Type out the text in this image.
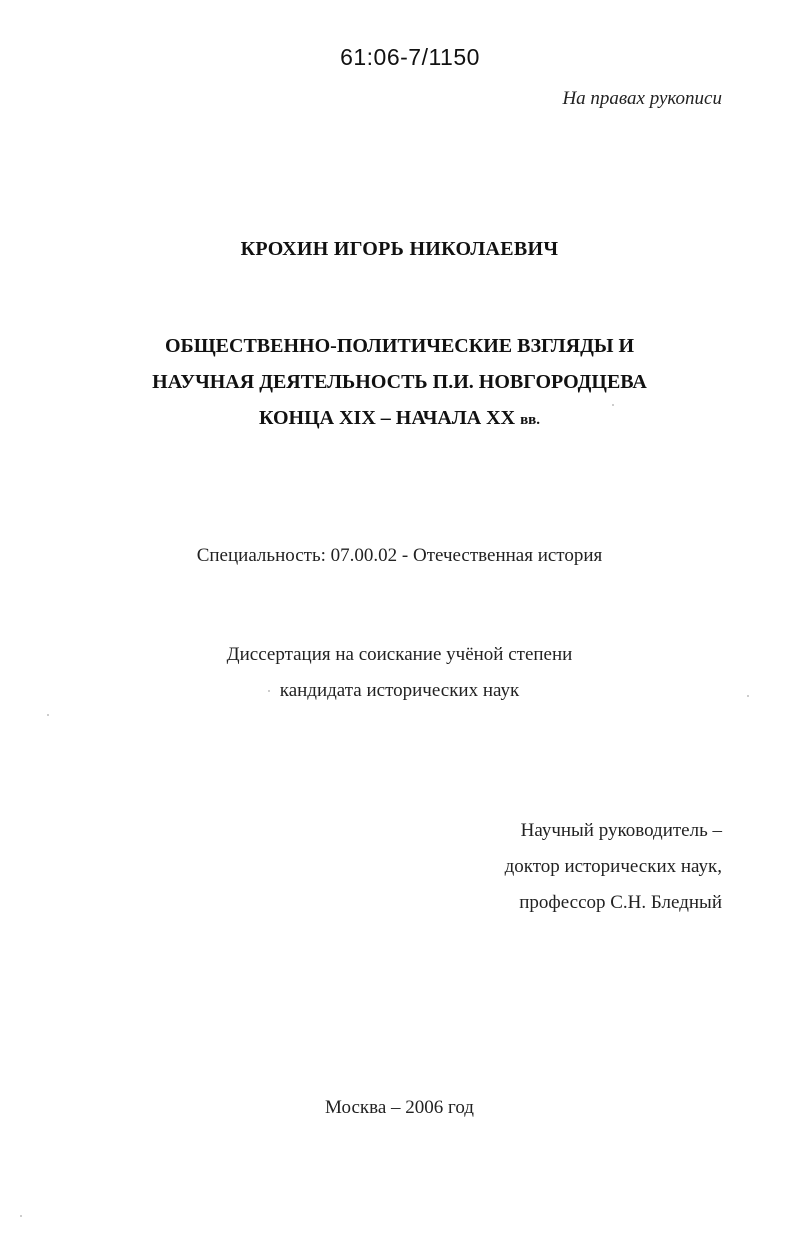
61:06-7/1150
На правах рукописи
КРОХИН ИГОРЬ НИКОЛАЕВИЧ
ОБЩЕСТВЕННО-ПОЛИТИЧЕСКИЕ ВЗГЛЯДЫ И
НАУЧНАЯ ДЕЯТЕЛЬНОСТЬ П.И. НОВГОРОДЦЕВА
КОНЦА XIX – НАЧАЛА XX вв.
Специальность: 07.00.02 - Отечественная история
Диссертация на соискание учёной степени
кандидата исторических наук
Научный руководитель –
доктор исторических наук,
профессор С.Н. Бледный
Москва – 2006 год
